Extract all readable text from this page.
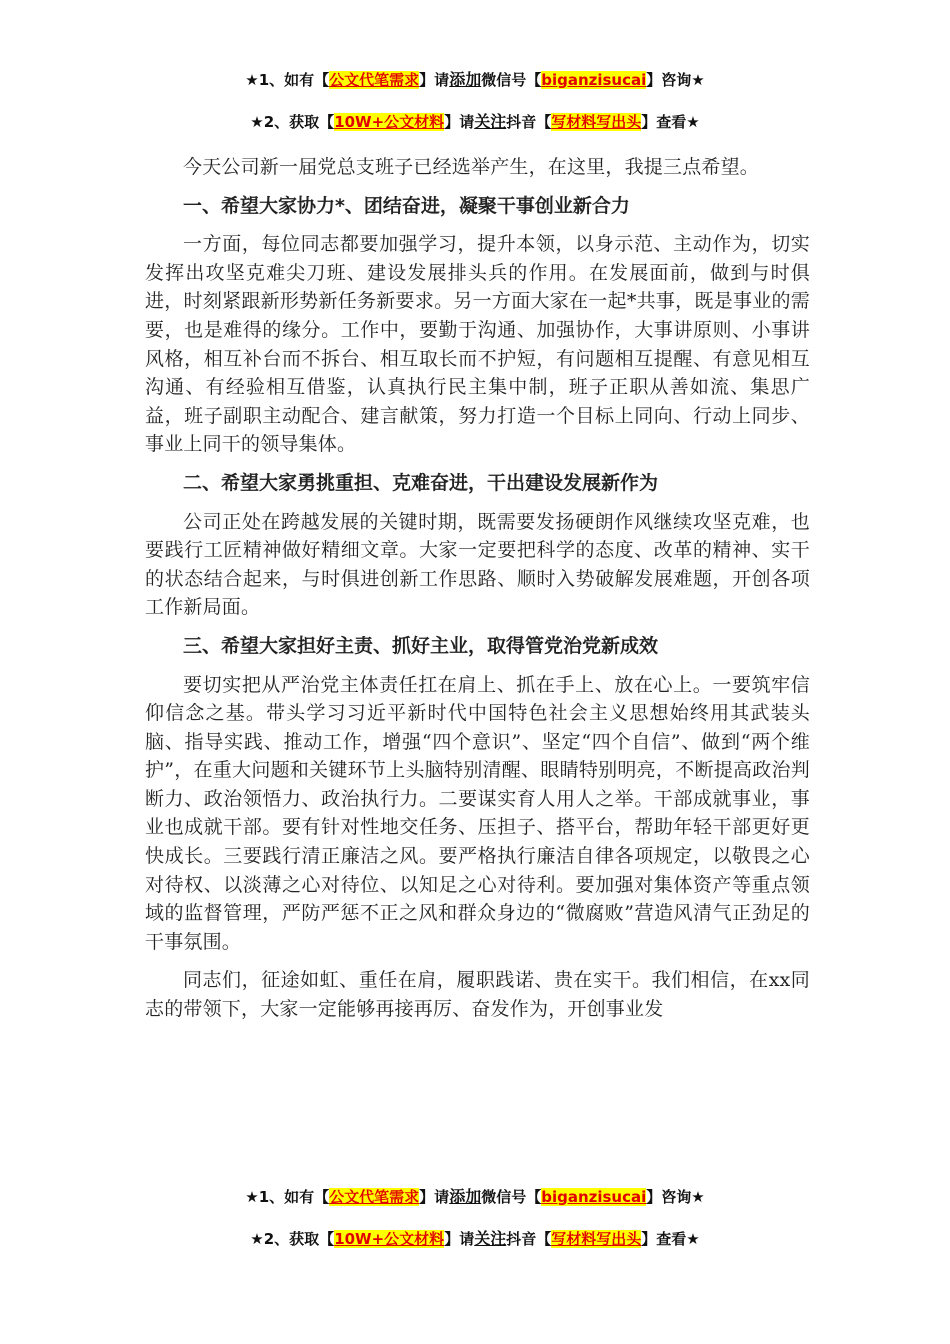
★1、如有【公文代笔需求】请添加微信号【biganzisucai】咨询★
★2、获取【10W+公文材料】请关注抖音【写材料写出头】查看★

今天公司新一届党总支班子已经选举产生，在这里，我提三点希望。

一、希望大家协力*、团结奋进，凝聚干事创业新合力

一方面，每位同志都要加强学习，提升本领，以身示范、主动作为，切实发挥出攻坚克难尖刀班、建设发展排头兵的作用。在发展面前，做到与时俱进，时刻紧跟新形势新任务新要求。另一方面大家在一起*共事，既是事业的需要，也是难得的缘分。工作中，要勤于沟通、加强协作，大事讲原则、小事讲风格，相互补台而不拆台、相互取长而不护短，有问题相互提醒、有意见相互沟通、有经验相互借鉴，认真执行民主集中制，班子正职从善如流、集思广益，班子副职主动配合、建言献策，努力打造一个目标上同向、行动上同步、事业上同干的领导集体。

二、希望大家勇挑重担、克难奋进，干出建设发展新作为

公司正处在跨越发展的关键时期，既需要发扬硬朗作风继续攻坚克难，也要践行工匠精神做好精细文章。大家一定要把科学的态度、改革的精神、实干的状态结合起来，与时俱进创新工作思路、顺时入势破解发展难题，开创各项工作新局面。

三、希望大家担好主责、抓好主业，取得管党治党新成效

要切实把从严治党主体责任扛在肩上、抓在手上、放在心上。一要筑牢信仰信念之基。带头学习习近平新时代中国特色社会主义思想始终用其武装头脑、指导实践、推动工作，增强“四个意识”、坚定“四个自信”、做到“两个维护”，在重大问题和关键环节上头脑特别清醒、眼睛特别明亮，不断提高政治判断力、政治领悟力、政治执行力。二要谋实育人用人之举。干部成就事业，事业也成就干部。要有针对性地交任务、压担子、搭平台，帮助年轻干部更好更快成长。三要践行清正廉洁之风。要严格执行廉洁自律各项规定，以敬畏之心对待权、以淡薄之心对待位、以知足之心对待利。要加强对集体资产等重点领域的监督管理，严防严惩不正之风和群众身边的“微腐败”营造风清气正劲足的干事氛围。

同志们，征途如虹、重任在肩，履职践诺、贵在实干。我们相信，在xx同志的带领下，大家一定能够再接再厉、奋发作为，开创事业发

★1、如有【公文代笔需求】请添加微信号【biganzisucai】咨询★
★2、获取【10W+公文材料】请关注抖音【写材料写出头】查看★
